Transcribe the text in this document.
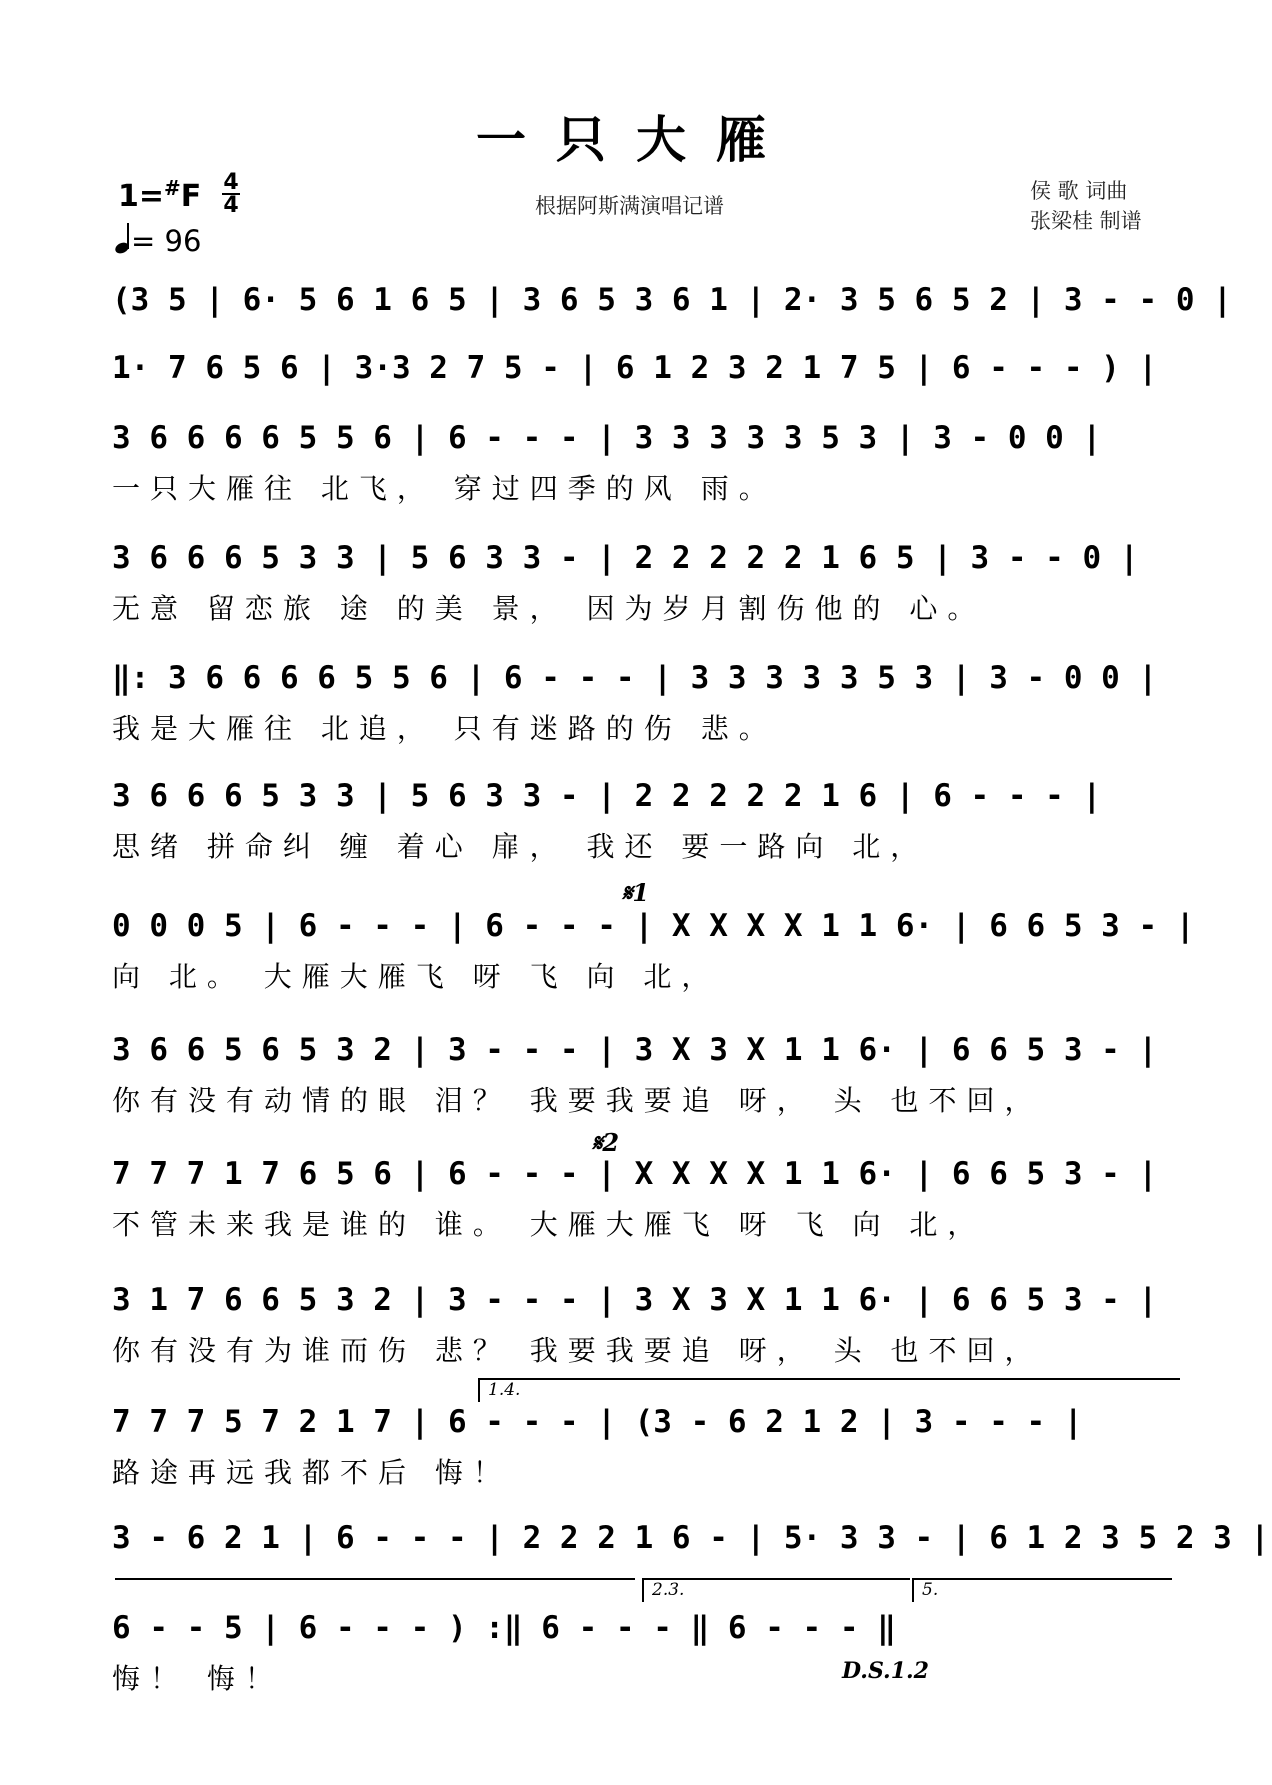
一只大雁
1=#F 4
4
= 96
根据阿斯满演唱记谱
侯 歌 词曲
张梁桂 制谱
(3 5 | 6· 5 6 1 6 5 | 3 6 5 3 6 1 | 2· 3 5 6 5 2 | 3 - - 0 |
1· 7 6 5 6 | 3·3 2 7 5 - | 6 1 2 3 2 1 7 5 | 6 - - - ) |
3 6 6 6 6 5 5 6 | 6 - - - | 3 3 3 3 3 5 3 | 3 - 0 0 |
一只大雁往 北飞， 穿过四季的风 雨。
3 6 6 6 5 3 3 | 5 6 3 3 - | 2 2 2 2 2 1 6 5 | 3 - - 0 |
无意 留恋旅 途 的美 景， 因为岁月割伤他的 心。
‖: 3 6 6 6 6 5 5 6 | 6 - - - | 3 3 3 3 3 5 3 | 3 - 0 0 |
我是大雁往 北追， 只有迷路的伤 悲。
3 6 6 6 5 3 3 | 5 6 3 3 - | 2 2 2 2 2 1 6 | 6 - - - |
思绪 拼命纠 缠 着心 扉， 我还 要一路向 北，
0 0 0 5 | 6 - - - | 6 - - - | X X X X 1 1 6· | 6 6 5 3 - |
向 北。 大雁大雁飞 呀 飞 向 北，
3 6 6 5 6 5 3 2 | 3 - - - | 3 X 3 X 1 1 6· | 6 6 5 3 - |
你有没有动情的眼 泪？ 我要我要追 呀， 头 也不回，
7 7 7 1 7 6 5 6 | 6 - - - | X X X X 1 1 6· | 6 6 5 3 - |
不管未来我是谁的 谁。 大雁大雁飞 呀 飞 向 北，
3 1 7 6 6 5 3 2 | 3 - - - | 3 X 3 X 1 1 6· | 6 6 5 3 - |
你有没有为谁而伤 悲？ 我要我要追 呀， 头 也不回，
7 7 7 5 7 2 1 7 | 6 - - - | (3 - 6 2 1 2 | 3 - - - |
路途再远我都不后 悔！
3 - 6 2 1 | 6 - - - | 2 2 2 1 6 - | 5· 3 3 - | 6 1 2 3 5 2 3 |
6 - - 5 | 6 - - - ) :‖ 6 - - - ‖ 6 - - - ‖
悔！ 悔！
𝄋1
𝄋2
1.4.
2.3.	5.
D.S.1.2
